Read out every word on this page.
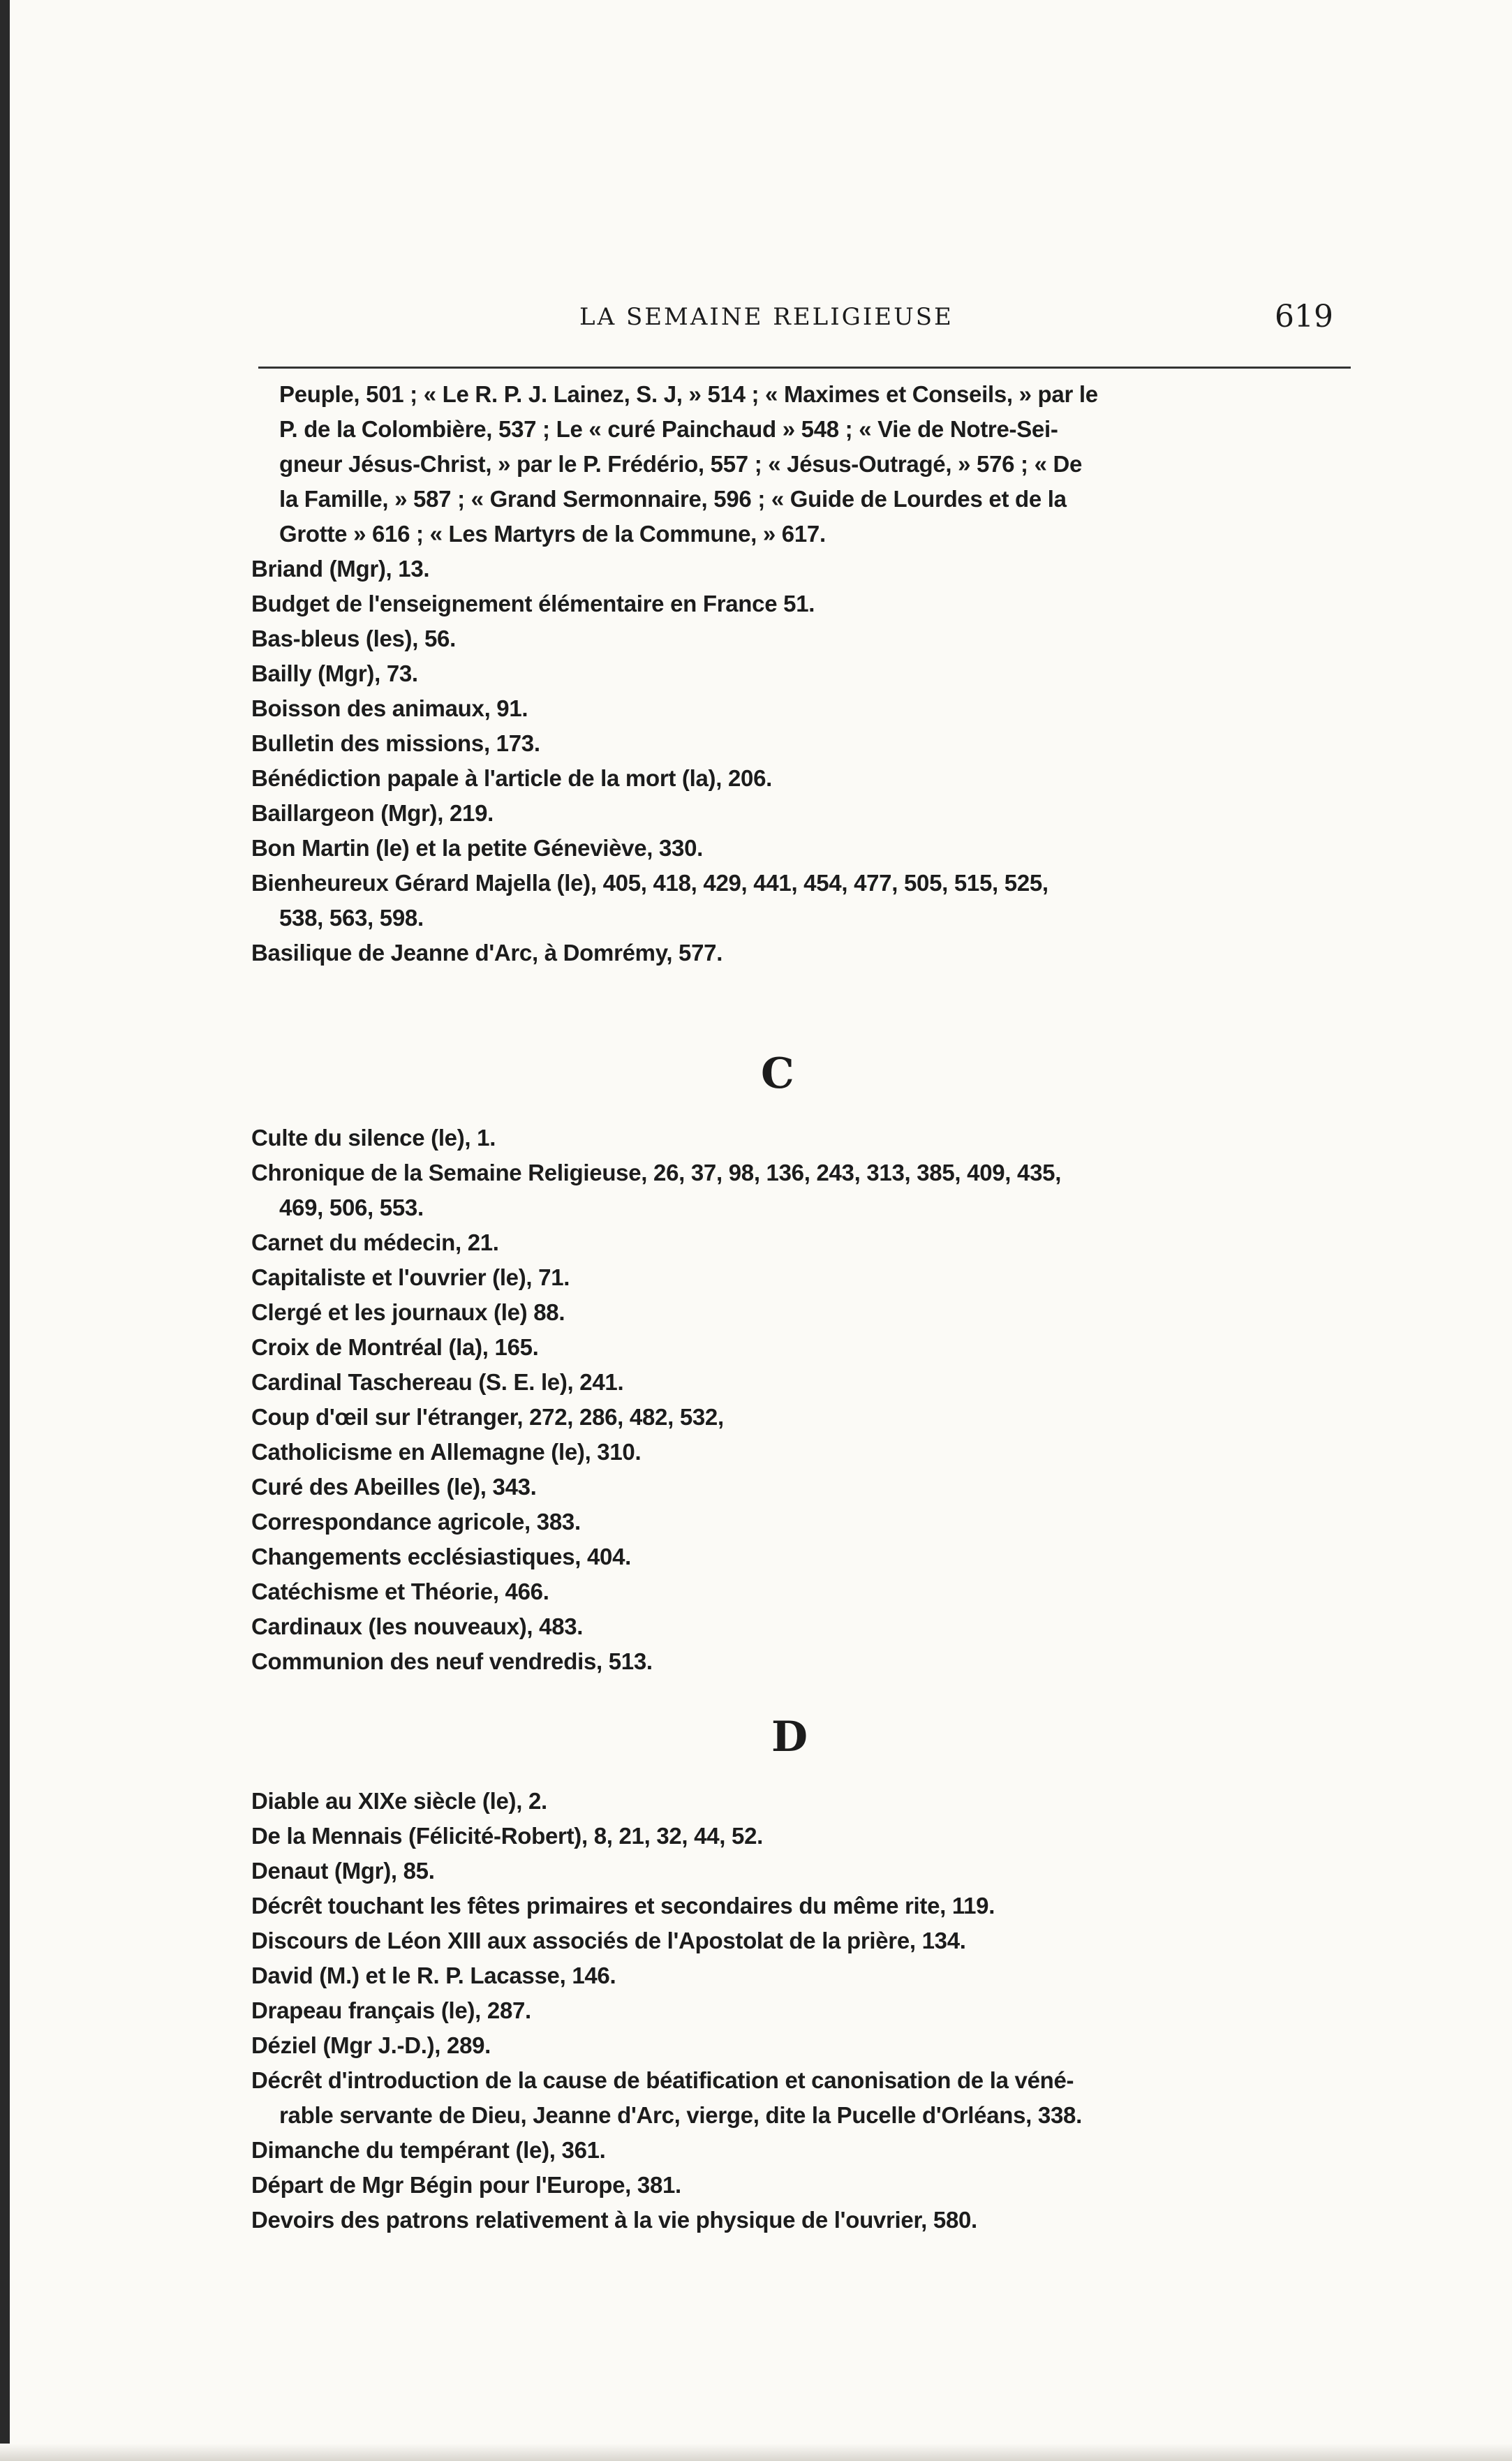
LA SEMAINE RELIGIEUSE	619
Peuple, 501 ; « Le R. P. J. Lainez, S. J, » 514 ; « Maximes et Conseils, » par le
P. de la Colombière, 537 ; Le « curé Painchaud » 548 ; « Vie de Notre-Sei-
gneur Jésus-Christ, » par le P. Frédério, 557 ; « Jésus-Outragé, » 576 ; « De
la Famille, » 587 ; « Grand Sermonnaire, 596 ; « Guide de Lourdes et de la
Grotte » 616 ; « Les Martyrs de la Commune, » 617.
Briand (Mgr), 13.
Budget de l'enseignement élémentaire en France 51.
Bas-bleus (les), 56.
Bailly (Mgr), 73.
Boisson des animaux, 91.
Bulletin des missions, 173.
Bénédiction papale à l'article de la mort (la), 206.
Baillargeon (Mgr), 219.
Bon Martin (le) et la petite Géneviève, 330.
Bienheureux Gérard Majella (le), 405, 418, 429, 441, 454, 477, 505, 515, 525,
538, 563, 598.
Basilique de Jeanne d'Arc, à Domrémy, 577.
C
Culte du silence (le), 1.
Chronique de la Semaine Religieuse, 26, 37, 98, 136, 243, 313, 385, 409, 435,
469, 506, 553.
Carnet du médecin, 21.
Capitaliste et l'ouvrier (le), 71.
Clergé et les journaux (le) 88.
Croix de Montréal (la), 165.
Cardinal Taschereau (S. E. le), 241.
Coup d'œil sur l'étranger, 272, 286, 482, 532,
Catholicisme en Allemagne (le), 310.
Curé des Abeilles (le), 343.
Correspondance agricole, 383.
Changements ecclésiastiques, 404.
Catéchisme et Théorie, 466.
Cardinaux (les nouveaux), 483.
Communion des neuf vendredis, 513.
D
Diable au XIXe siècle (le), 2.
De la Mennais (Félicité-Robert), 8, 21, 32, 44, 52.
Denaut (Mgr), 85.
Décrêt touchant les fêtes primaires et secondaires du même rite, 119.
Discours de Léon XIII aux associés de l'Apostolat de la prière, 134.
David (M.) et le R. P. Lacasse, 146.
Drapeau français (le), 287.
Déziel (Mgr J.-D.), 289.
Décrêt d'introduction de la cause de béatification et canonisation de la véné-
rable servante de Dieu, Jeanne d'Arc, vierge, dite la Pucelle d'Orléans, 338.
Dimanche du tempérant (le), 361.
Départ de Mgr Bégin pour l'Europe, 381.
Devoirs des patrons relativement à la vie physique de l'ouvrier, 580.
